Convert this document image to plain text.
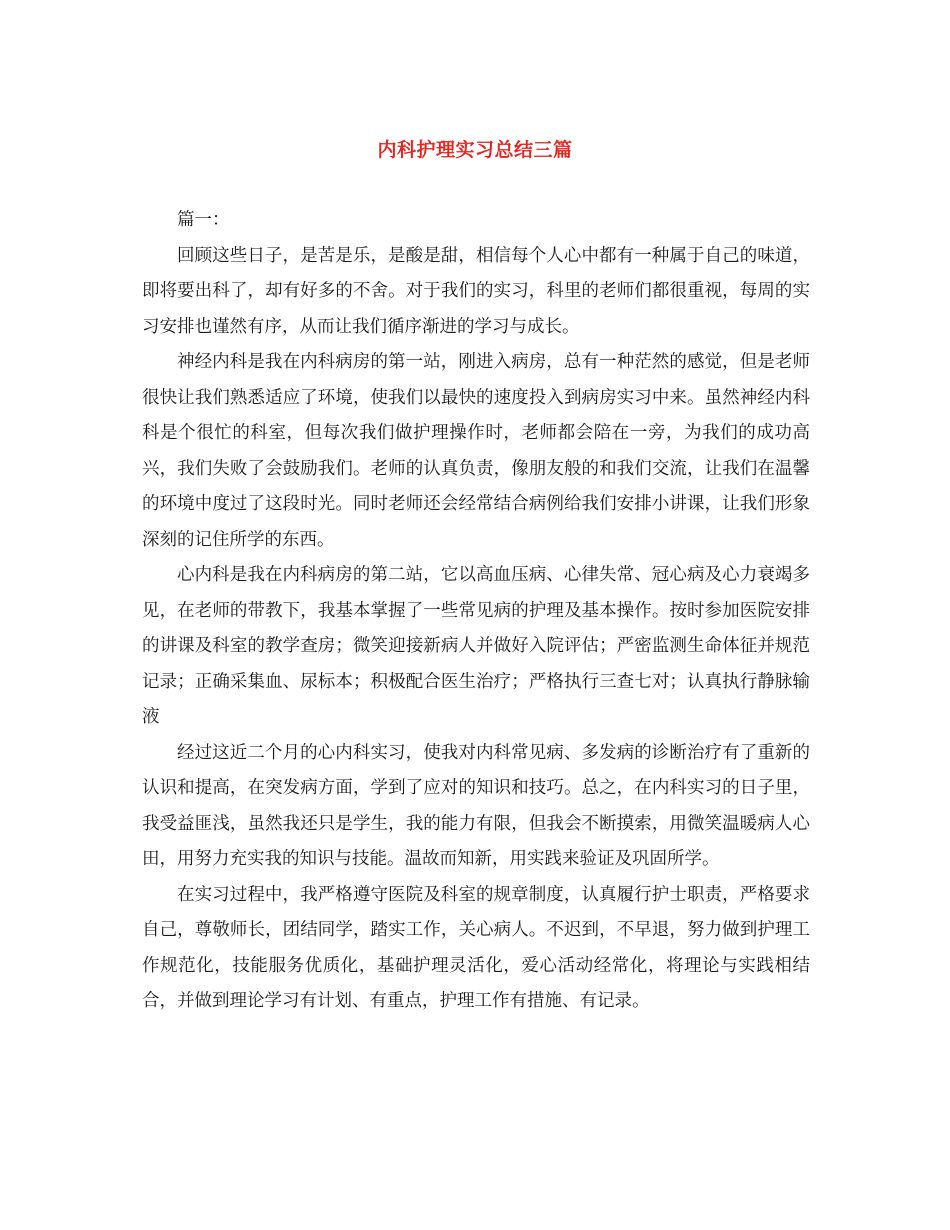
内科护理实习总结三篇

篇一：

回顾这些日子，是苦是乐，是酸是甜，相信每个人心中都有一种属于自己的味道，即将要出科了，却有好多的不舍。对于我们的实习，科里的老师们都很重视，每周的实习安排也谨然有序，从而让我们循序渐进的学习与成长。

神经内科是我在内科病房的第一站，刚进入病房，总有一种茫然的感觉，但是老师很快让我们熟悉适应了环境，使我们以最快的速度投入到病房实习中来。虽然神经内科科是个很忙的科室，但每次我们做护理操作时，老师都会陪在一旁，为我们的成功高兴，我们失败了会鼓励我们。老师的认真负责，像朋友般的和我们交流，让我们在温馨的环境中度过了这段时光。同时老师还会经常结合病例给我们安排小讲课，让我们形象深刻的记住所学的东西。

心内科是我在内科病房的第二站，它以高血压病、心律失常、冠心病及心力衰竭多见，在老师的带教下，我基本掌握了一些常见病的护理及基本操作。按时参加医院安排的讲课及科室的教学查房；微笑迎接新病人并做好入院评估；严密监测生命体征并规范记录；正确采集血、尿标本；积极配合医生治疗；严格执行三查七对；认真执行静脉输液

经过这近二个月的心内科实习，使我对内科常见病、多发病的诊断治疗有了重新的认识和提高，在突发病方面，学到了应对的知识和技巧。总之，在内科实习的日子里，我受益匪浅，虽然我还只是学生，我的能力有限，但我会不断摸索，用微笑温暖病人心田，用努力充实我的知识与技能。温故而知新，用实践来验证及巩固所学。

在实习过程中，我严格遵守医院及科室的规章制度，认真履行护士职责，严格要求自己，尊敬师长，团结同学，踏实工作，关心病人。不迟到，不早退，努力做到护理工作规范化，技能服务优质化，基础护理灵活化，爱心活动经常化，将理论与实践相结合，并做到理论学习有计划、有重点，护理工作有措施、有记录。
